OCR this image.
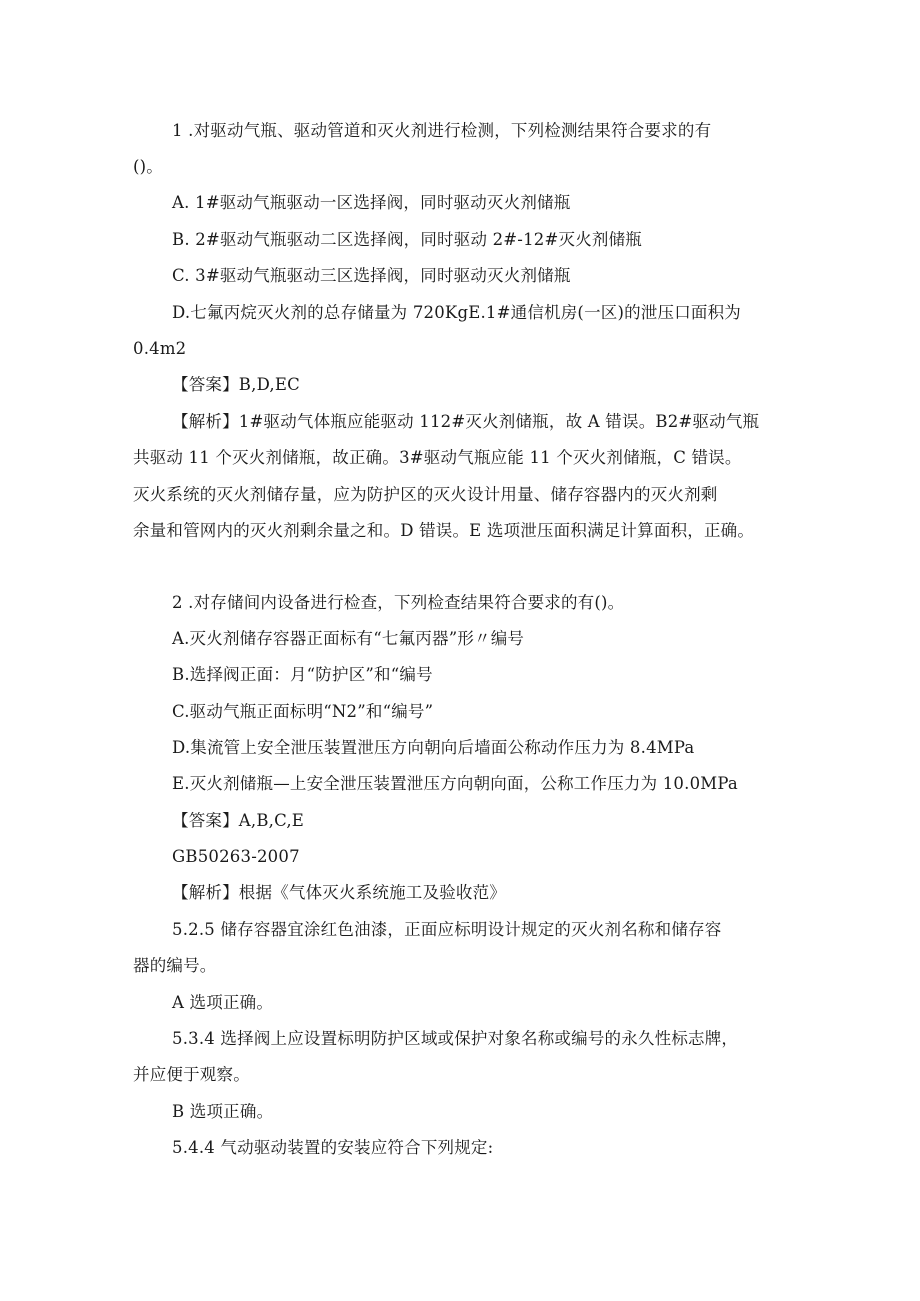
1 .对驱动气瓶、驱动管道和灭火剂进行检测，下列检测结果符合要求的有
()。
A. 1#驱动气瓶驱动一区选择阀，同时驱动灭火剂储瓶
B. 2#驱动气瓶驱动二区选择阀，同时驱动 2#-12#灭火剂储瓶
C. 3#驱动气瓶驱动三区选择阀，同时驱动灭火剂储瓶
D.七氟丙烷灭火剂的总存储量为 720KgE.1#通信机房(一区)的泄压口面积为
0.4m2
【答案】B,D,EC
【解析】1#驱动气体瓶应能驱动 112#灭火剂储瓶，故 A 错误。B2#驱动气瓶
共驱动 11 个灭火剂储瓶，故正确。3#驱动气瓶应能 11 个灭火剂储瓶，C 错误。
灭火系统的灭火剂储存量，应为防护区的灭火设计用量、储存容器内的灭火剂剩
余量和管网内的灭火剂剩余量之和。D 错误。E 选项泄压面积满足计算面积，正确。
2 .对存储间内设备进行检查，下列检查结果符合要求的有()。
A.灭火剂储存容器正面标有“七氟丙器”形〃编号
B.选择阀正面：月“防护区”和“编号
C.驱动气瓶正面标明“N2”和“编号”
D.集流管上安全泄压装置泄压方向朝向后墙面公称动作压力为 8.4MPa
E.灭火剂储瓶—上安全泄压装置泄压方向朝向面，公称工作压力为 10.0MPa
【答案】A,B,C,E
GB50263-2007
【解析】根据《气体灭火系统施工及验收范》
5.2.5 储存容器宜涂红色油漆，正面应标明设计规定的灭火剂名称和储存容
器的编号。
A 选项正确。
5.3.4 选择阀上应设置标明防护区域或保护对象名称或编号的永久性标志牌，
并应便于观察。
B 选项正确。
5.4.4 气动驱动装置的安装应符合下列规定:
